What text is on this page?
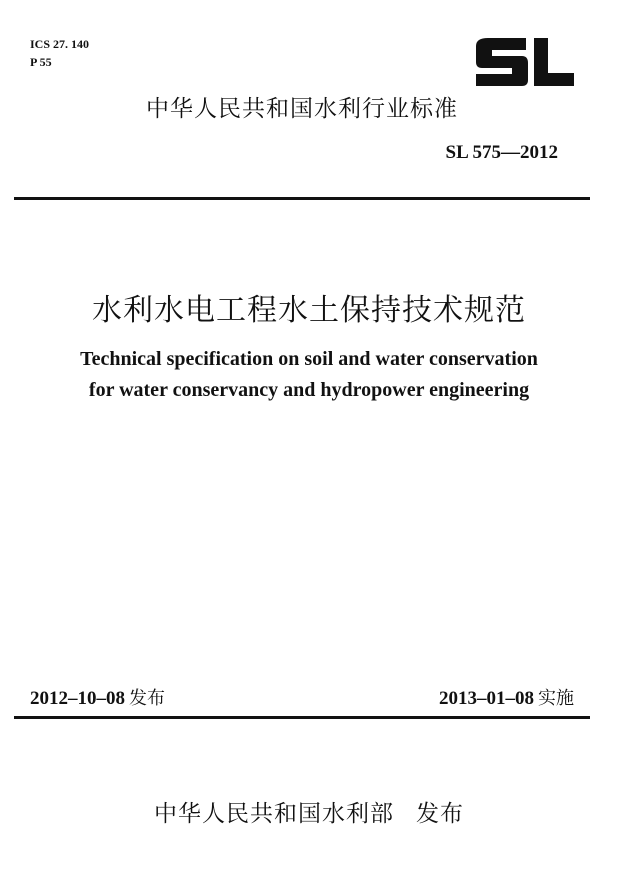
ICS 27. 140
P 55
中华人民共和国水利行业标准
SL 575—2012
水利水电工程水土保持技术规范
Technical specification on soil and water conservation
for water conservancy and hydropower engineering
2012–10–08 发布	2013–01–08 实施
中华人民共和国水利部 发布
